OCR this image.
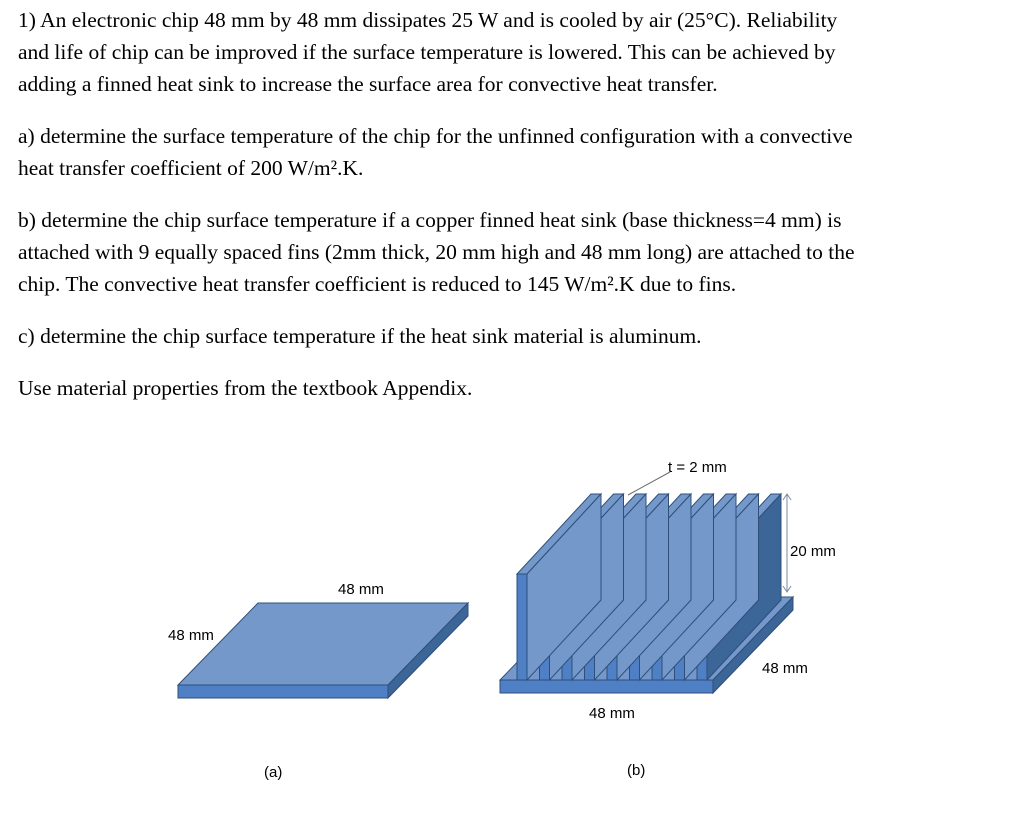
1) An electronic chip 48 mm by 48 mm dissipates 25 W and is cooled by air (25°C). Reliability
and life of chip can be improved if the surface temperature is lowered. This can be achieved by
adding a finned heat sink to increase the surface area for convective heat transfer.

a) determine the surface temperature of the chip for the unfinned configuration with a convective
heat transfer coefficient of 200 W/m².K.

b) determine the chip surface temperature if a copper finned heat sink (base thickness=4 mm) is
attached with 9 equally spaced fins (2mm thick, 20 mm high and 48 mm long) are attached to the
chip. The convective heat transfer coefficient is reduced to 145 W/m².K due to fins.

c) determine the chip surface temperature if the heat sink material is aluminum.

Use material properties from the textbook Appendix.

48 mm
48 mm
(a)
t = 2 mm
20 mm
48 mm
48 mm
(b)
